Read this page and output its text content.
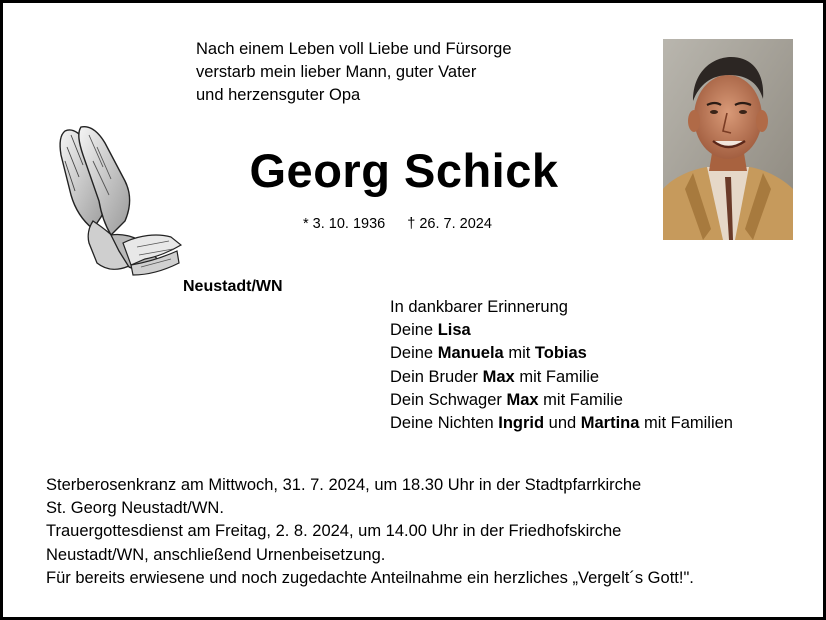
Nach einem Leben voll Liebe und Fürsorge
verstarb mein lieber Mann, guter Vater
und herzensguter Opa
Georg Schick
* 3. 10. 1936 † 26. 7. 2024
Neustadt/WN
In dankbarer Erinnerung
Deine Lisa
Deine Manuela mit Tobias
Dein Bruder Max mit Familie
Dein Schwager Max mit Familie
Deine Nichten Ingrid und Martina mit Familien
Sterberosenkranz am Mittwoch, 31. 7. 2024, um 18.30 Uhr in der Stadtpfarrkirche
St. Georg Neustadt/WN.
Trauergottesdienst am Freitag, 2. 8. 2024, um 14.00 Uhr in der Friedhofskirche
Neustadt/WN, anschließend Urnenbeisetzung.
Für bereits erwiesene und noch zugedachte Anteilnahme ein herzliches „Vergelt´s Gott!".
